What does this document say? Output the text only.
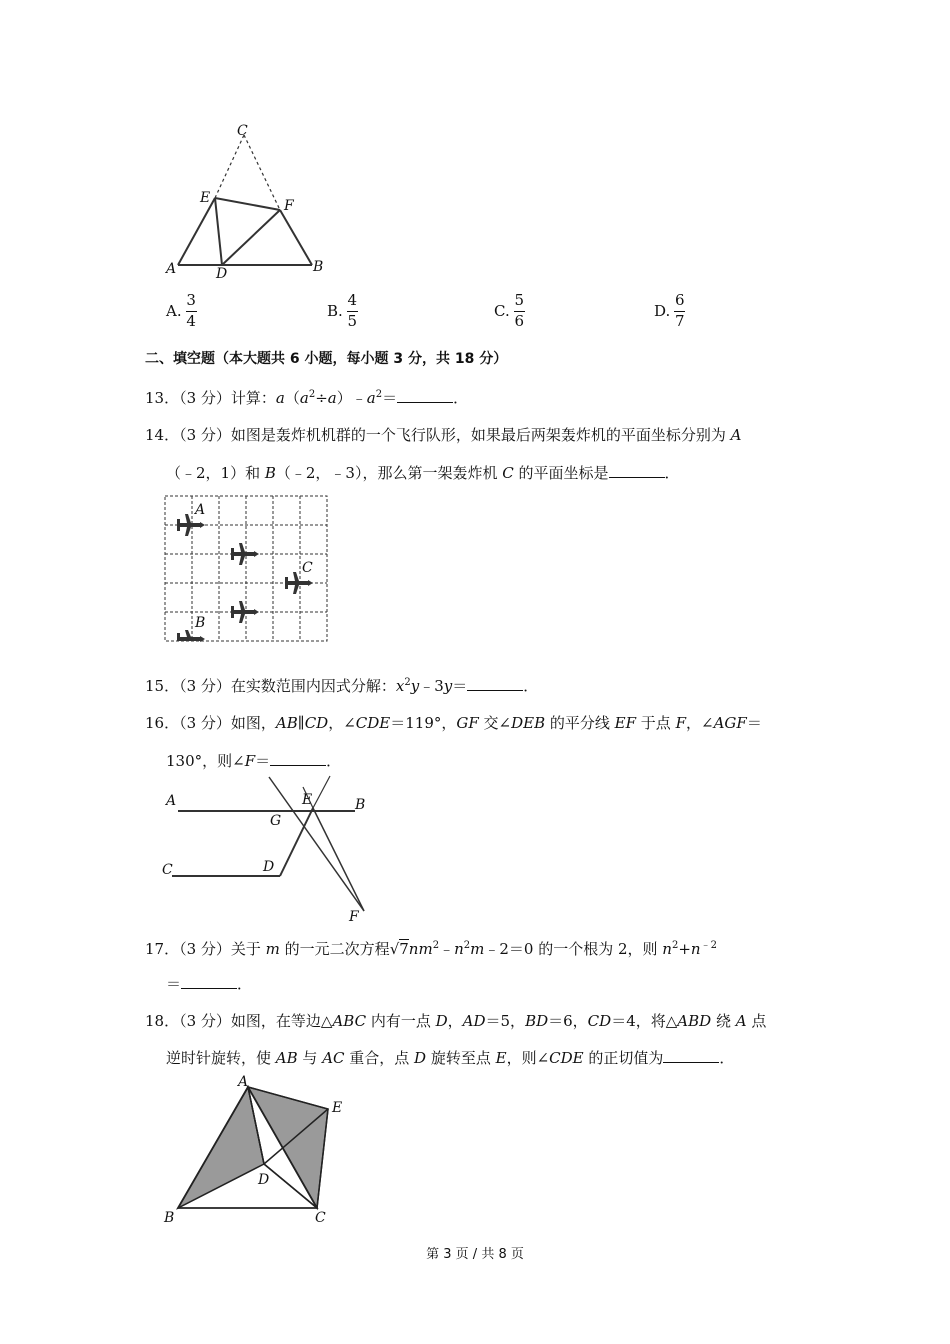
C
E	F
A	D	B
A. $\frac{3}{4}$	B. $\frac{4}{5}$	C. $\frac{5}{6}$	D. $\frac{6}{7}$
二、填空题（本大题共 6 小题，每小题 3 分，共 18 分）
13．（3 分）计算：$a(a^2\div a)﹣a^2=$	．
14．（3 分）如图是轰炸机机群的一个飞行队形，如果最后两架轰炸机的平面坐标分别为 A
（﹣2，1）和 B（﹣2，﹣3），那么第一架轰炸机 C 的平面坐标是	．
A
C
B
15．（3 分）在实数范围内因式分解：$x^2y﹣3y=$	．
16．（3 分）如图，AB∥CD，∠CDE＝119°，GF 交∠DEB 的平分线 EF 于点 F，∠AGF＝
130°，则∠F＝	．
A	B
E
G
C	D
F
17．（3 分）关于 m 的一元二次方程$√7nm^2﹣n^2m﹣2=0$ 的一个根为 2，则 $n^2+n^{﹣2}$
＝	．
18．（3 分）如图，在等边△ABC 内有一点 D，AD＝5，BD＝6，CD＝4，将△ABD 绕 A 点
逆时针旋转，使 AB 与 AC 重合，点 D 旋转至点 E，则∠CDE 的正切值为	．
A
E
D
B	C
第 3 页 / 共 8 页
